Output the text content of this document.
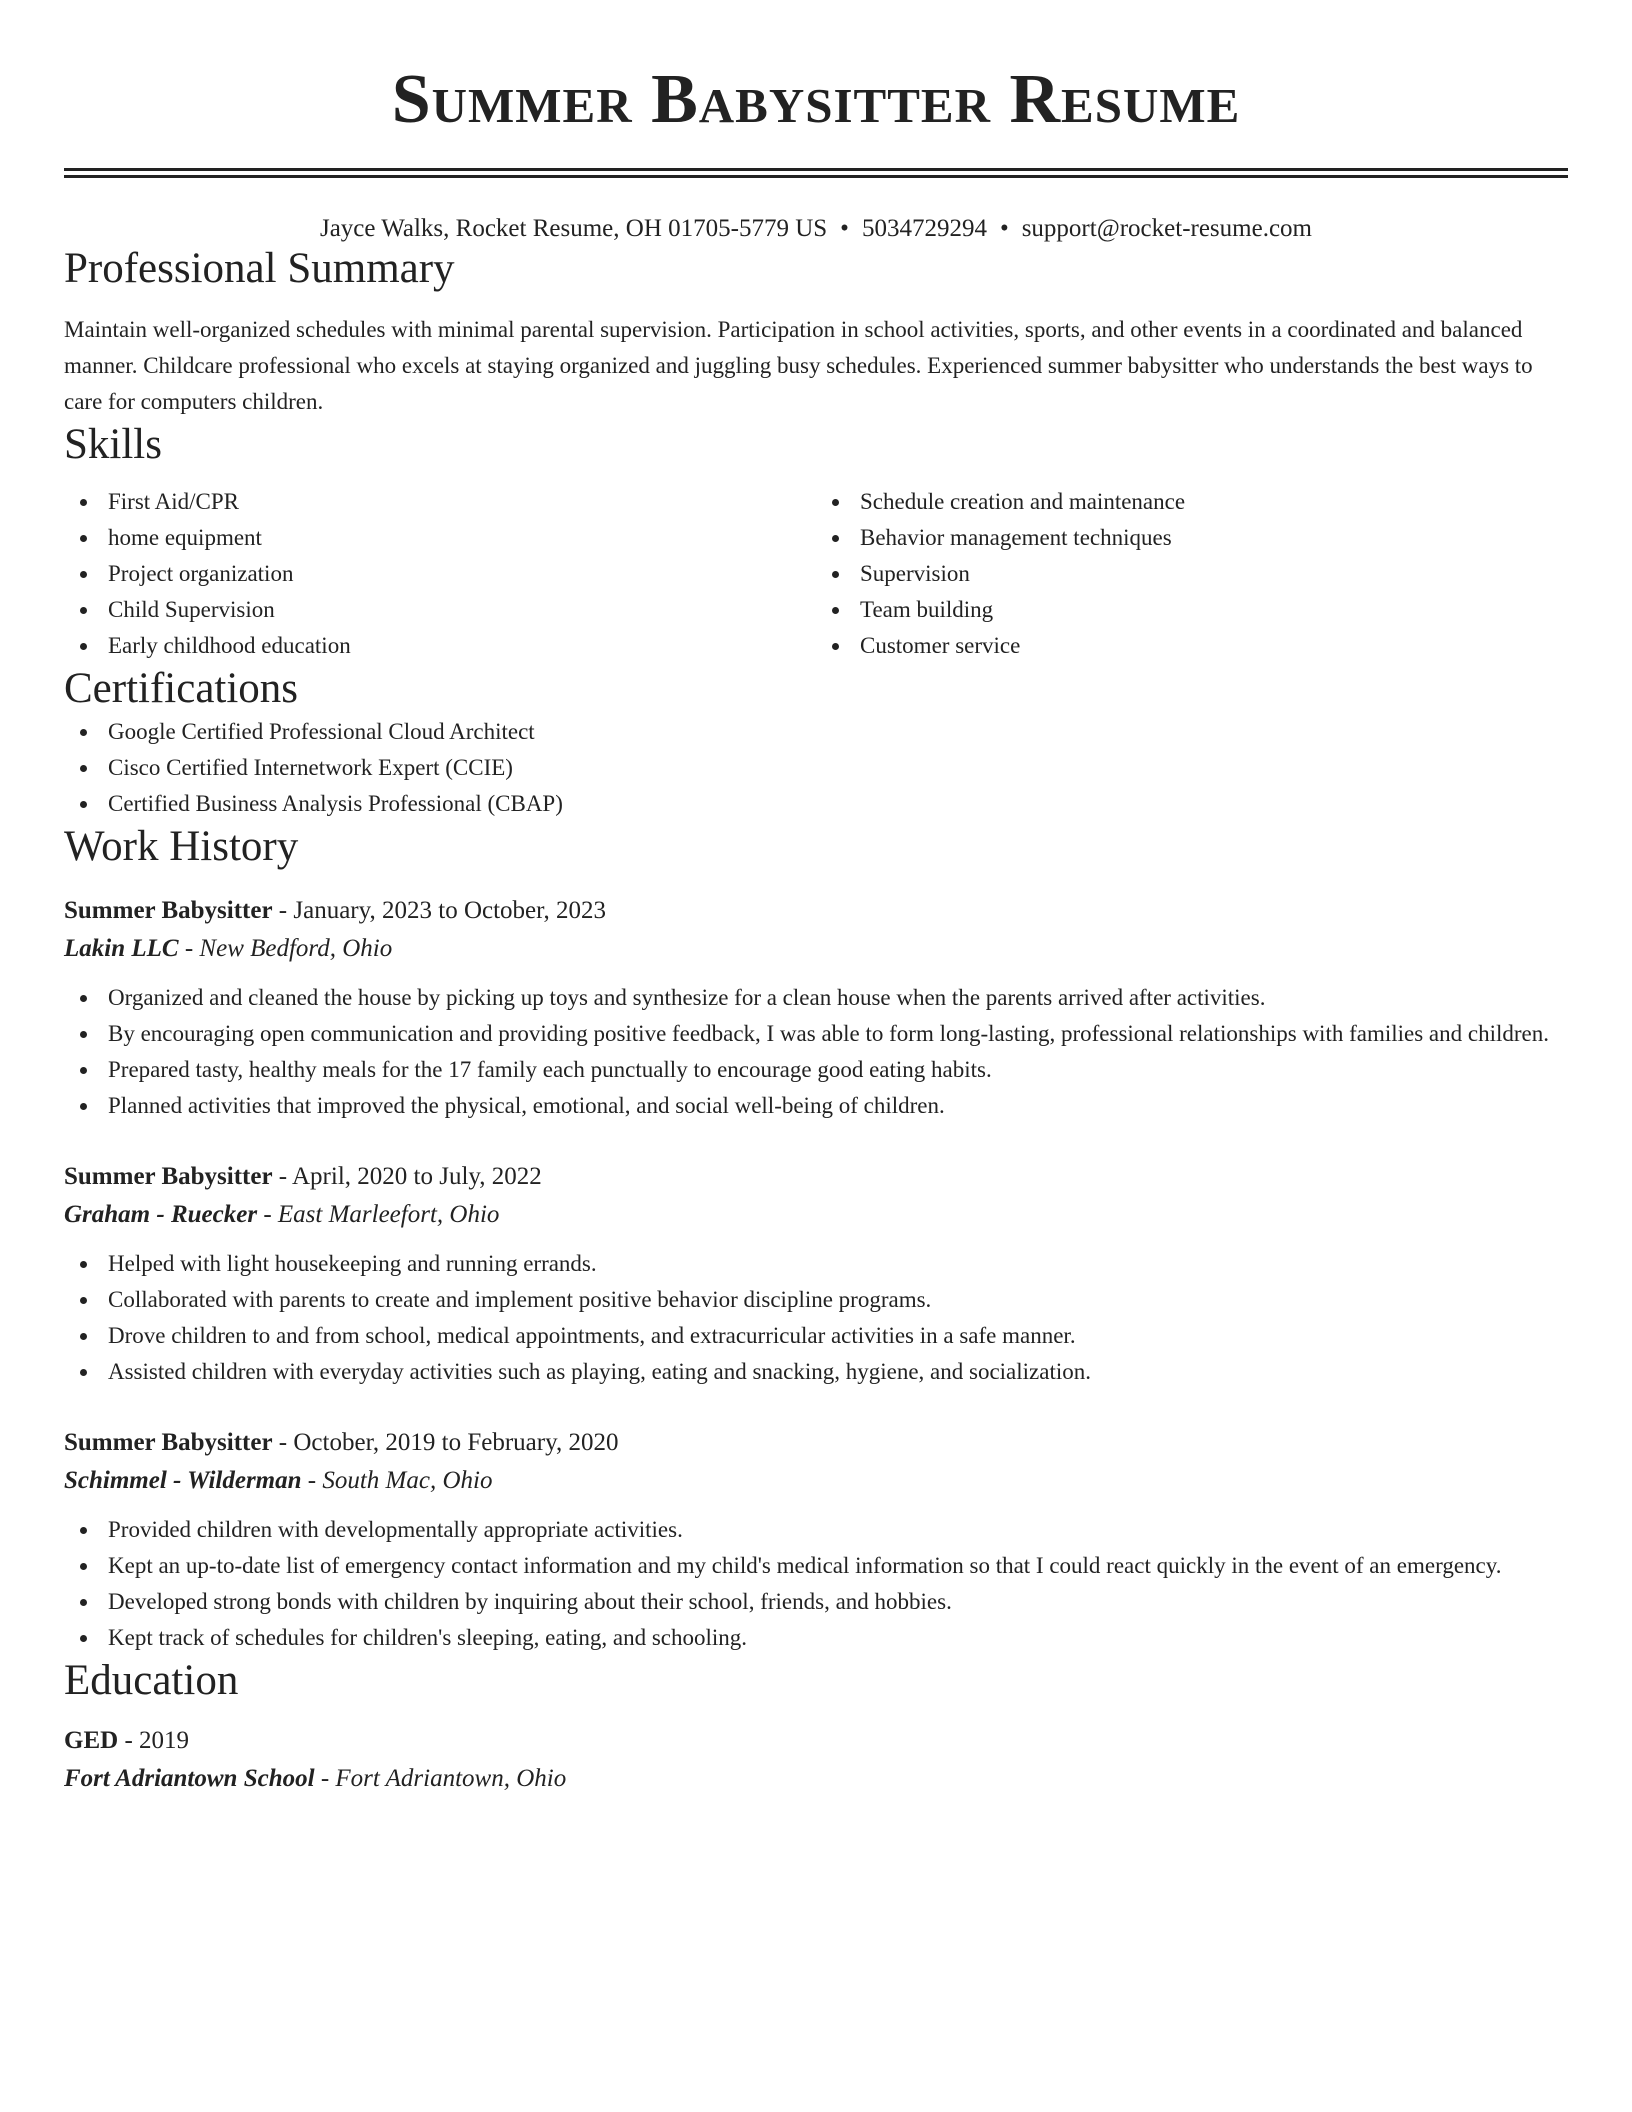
Summer Babysitter Resume
Jayce Walks, Rocket Resume, OH 01705-5779 US • 5034729294 • support@rocket-resume.com
Professional Summary

Maintain well-organized schedules with minimal parental supervision. Participation in school activities, sports, and other events in a coordinated and balanced manner. Childcare professional who excels at staying organized and juggling busy schedules. Experienced summer babysitter who understands the best ways to care for computers children.

Skills
First Aid/CPR
home equipment
Project organization
Child Supervision
Early childhood education
Schedule creation and maintenance
Behavior management techniques
Supervision
Team building
Customer service
Certifications
Google Certified Professional Cloud Architect
Cisco Certified Internetwork Expert (CCIE)
Certified Business Analysis Professional (CBAP)
Work History
Summer Babysitter - January, 2023 to October, 2023
Lakin LLC - New Bedford, Ohio
Organized and cleaned the house by picking up toys and synthesize for a clean house when the parents arrived after activities.
By encouraging open communication and providing positive feedback, I was able to form long-lasting, professional relationships with families and children.
Prepared tasty, healthy meals for the 17 family each punctually to encourage good eating habits.
Planned activities that improved the physical, emotional, and social well-being of children.
Summer Babysitter - April, 2020 to July, 2022
Graham - Ruecker - East Marleefort, Ohio
Helped with light housekeeping and running errands.
Collaborated with parents to create and implement positive behavior discipline programs.
Drove children to and from school, medical appointments, and extracurricular activities in a safe manner.
Assisted children with everyday activities such as playing, eating and snacking, hygiene, and socialization.
Summer Babysitter - October, 2019 to February, 2020
Schimmel - Wilderman - South Mac, Ohio
Provided children with developmentally appropriate activities.
Kept an up-to-date list of emergency contact information and my child's medical information so that I could react quickly in the event of an emergency.
Developed strong bonds with children by inquiring about their school, friends, and hobbies.
Kept track of schedules for children's sleeping, eating, and schooling.
Education
GED - 2019
Fort Adriantown School - Fort Adriantown, Ohio
